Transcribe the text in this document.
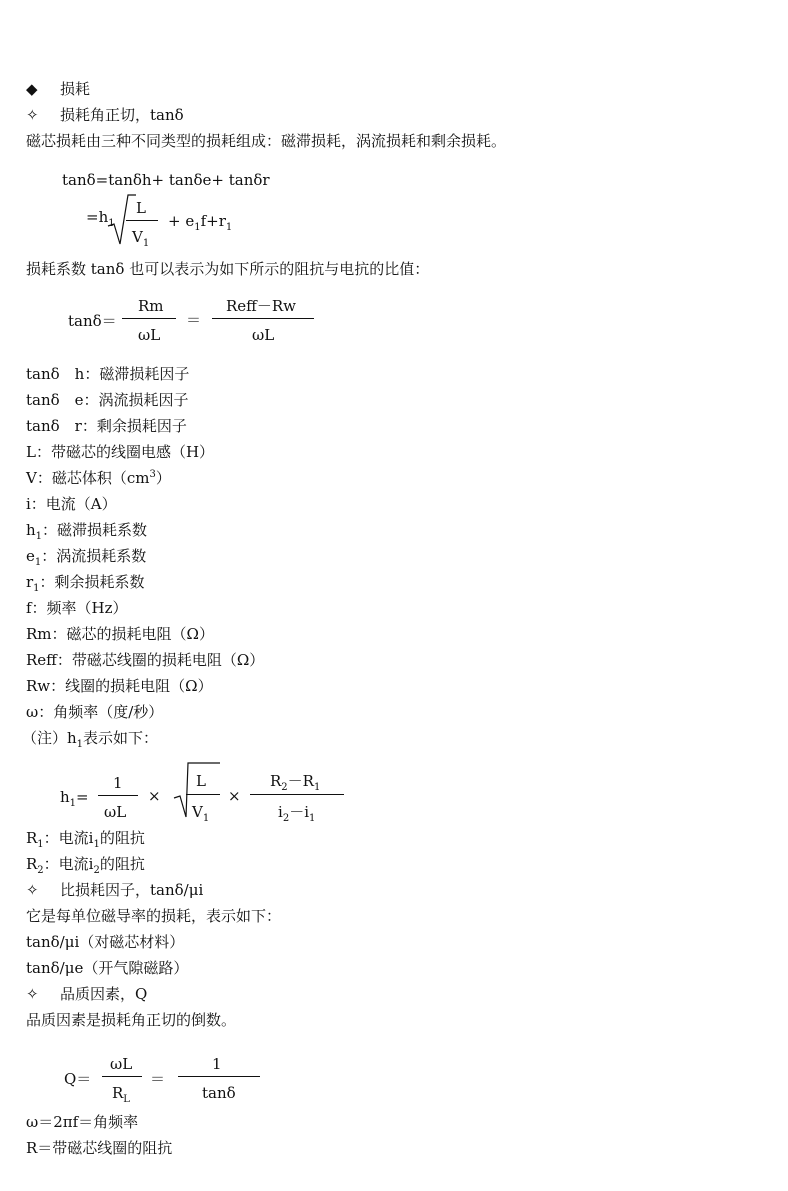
◆ 损耗
✧ 损耗角正切，tanδ
磁芯损耗由三种不同类型的损耗组成：磁滞损耗，涡流损耗和剩余损耗。
tanδ=tanδh+ tanδe+ tanδr
$=h_1$
L
$V_1$
+ $e_1f+r_1$
损耗系数 tanδ 也可以表示为如下所示的阻抗与电抗的比值：
tanδ＝
Rm
ωL
＝
Reff－Rw
ωL
tanδ　h：磁滞损耗因子
tanδ　e：涡流损耗因子
tanδ　r：剩余损耗因子
L：带磁芯的线圈电感（H）
V：磁芯体积$(cm^3)$
i：电流（A）
$h_1$：磁滞损耗系数
$e_1$：涡流损耗系数
$r_1$：剩余损耗系数
f：频率（Hz）
Rm：磁芯的损耗电阻（Ω）
Reff：带磁芯线圈的损耗电阻（Ω）
Rw：线圈的损耗电阻（Ω）
ω：角频率（度/秒）
（注）$h_1$表示如下：
$h_1=$
1
ωL
×
L
$V_1$
×
$R_2-R_1$
$i_2-i_1$
$R_1$：电流$i_1$的阻抗
$R_2$：电流$i_2$的阻抗
✧ 比损耗因子，tanδ/μi
它是每单位磁导率的损耗，表示如下：
tanδ/μi（对磁芯材料）
tanδ/μe（开气隙磁路）
✧ 品质因素，Q
品质因素是损耗角正切的倒数。
Q＝
ωL
$R_L$
＝
1
tanδ
ω＝2πf＝角频率
R＝带磁芯线圈的阻抗
